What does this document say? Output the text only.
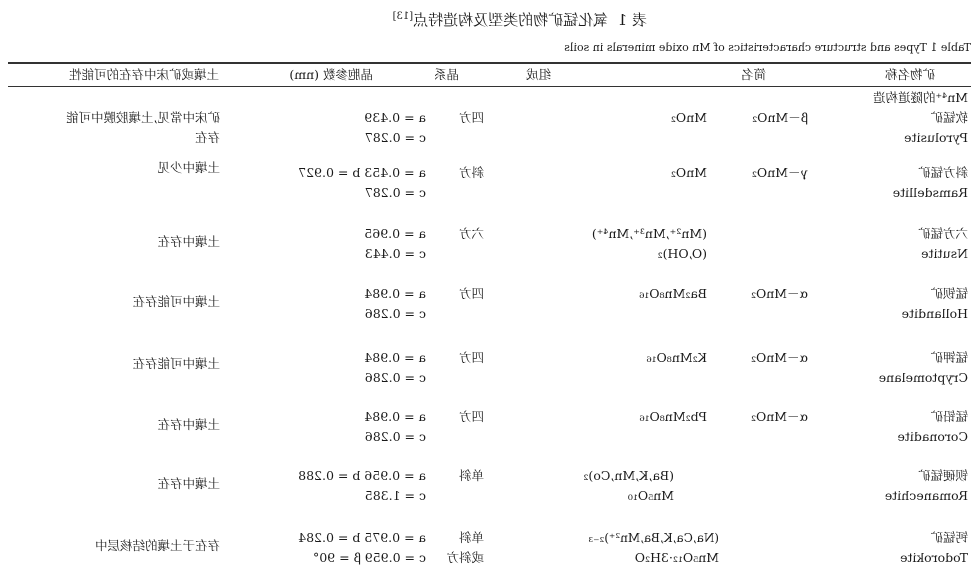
表 1  氧化锰矿物的类型及构造特点[13]
Table 1 Types and structure characteristics of Mn oxide minerals in soils
矿物名称
简名
组成
晶系
晶胞参数 (nm)
土壤或矿床中存在的可能性
Mn⁴⁺的隧道构造
软锰矿
Pyrolusite
β－MnO₂
MnO₂
四方
a = 0.439
c = 0.287
矿床中常见,土壤胶膜中可能
存在
斜方锰矿
Ramsdellite
γ－MnO₂
MnO₂
斜方
a = 0.453 b = 0.927
c = 0.287
土壤中少见
六方锰矿
Nsutite
(Mn²⁺,Mn³⁺,Mn⁴⁺)
(O,OH)₂
六方
a = 0.965
c = 0.443
土壤中存在
锰钡矿
Hollandite
α－MnO₂
Ba₂Mn₈O₁₆
四方
a = 0.984
c = 0.286
土壤中可能存在
锰钾矿
Cryptomelane
α－MnO₂
K₂Mn₈O₁₆
四方
a = 0.984
c = 0.286
土壤中可能存在
锰铅矿
Coronadite
α－MnO₂
Pb₂Mn₈O₁₆
四方
a = 0.984
c = 0.286
土壤中存在
钡硬锰矿
Romanechite
(Ba,K,Mn,Co)₂
Mn₅O₁₀
单斜
a = 0.956 b = 0.288
c = 1.385
土壤中存在
钙锰矿
Todorokite
(Na,Ca,K,Ba,Mn²⁺)₂₋₃
Mn₅O₁₂·3H₂O
单斜
或斜方
a = 0.975 b = 0.284
c = 0.959 β = 90°
存在于土壤的结核层中
